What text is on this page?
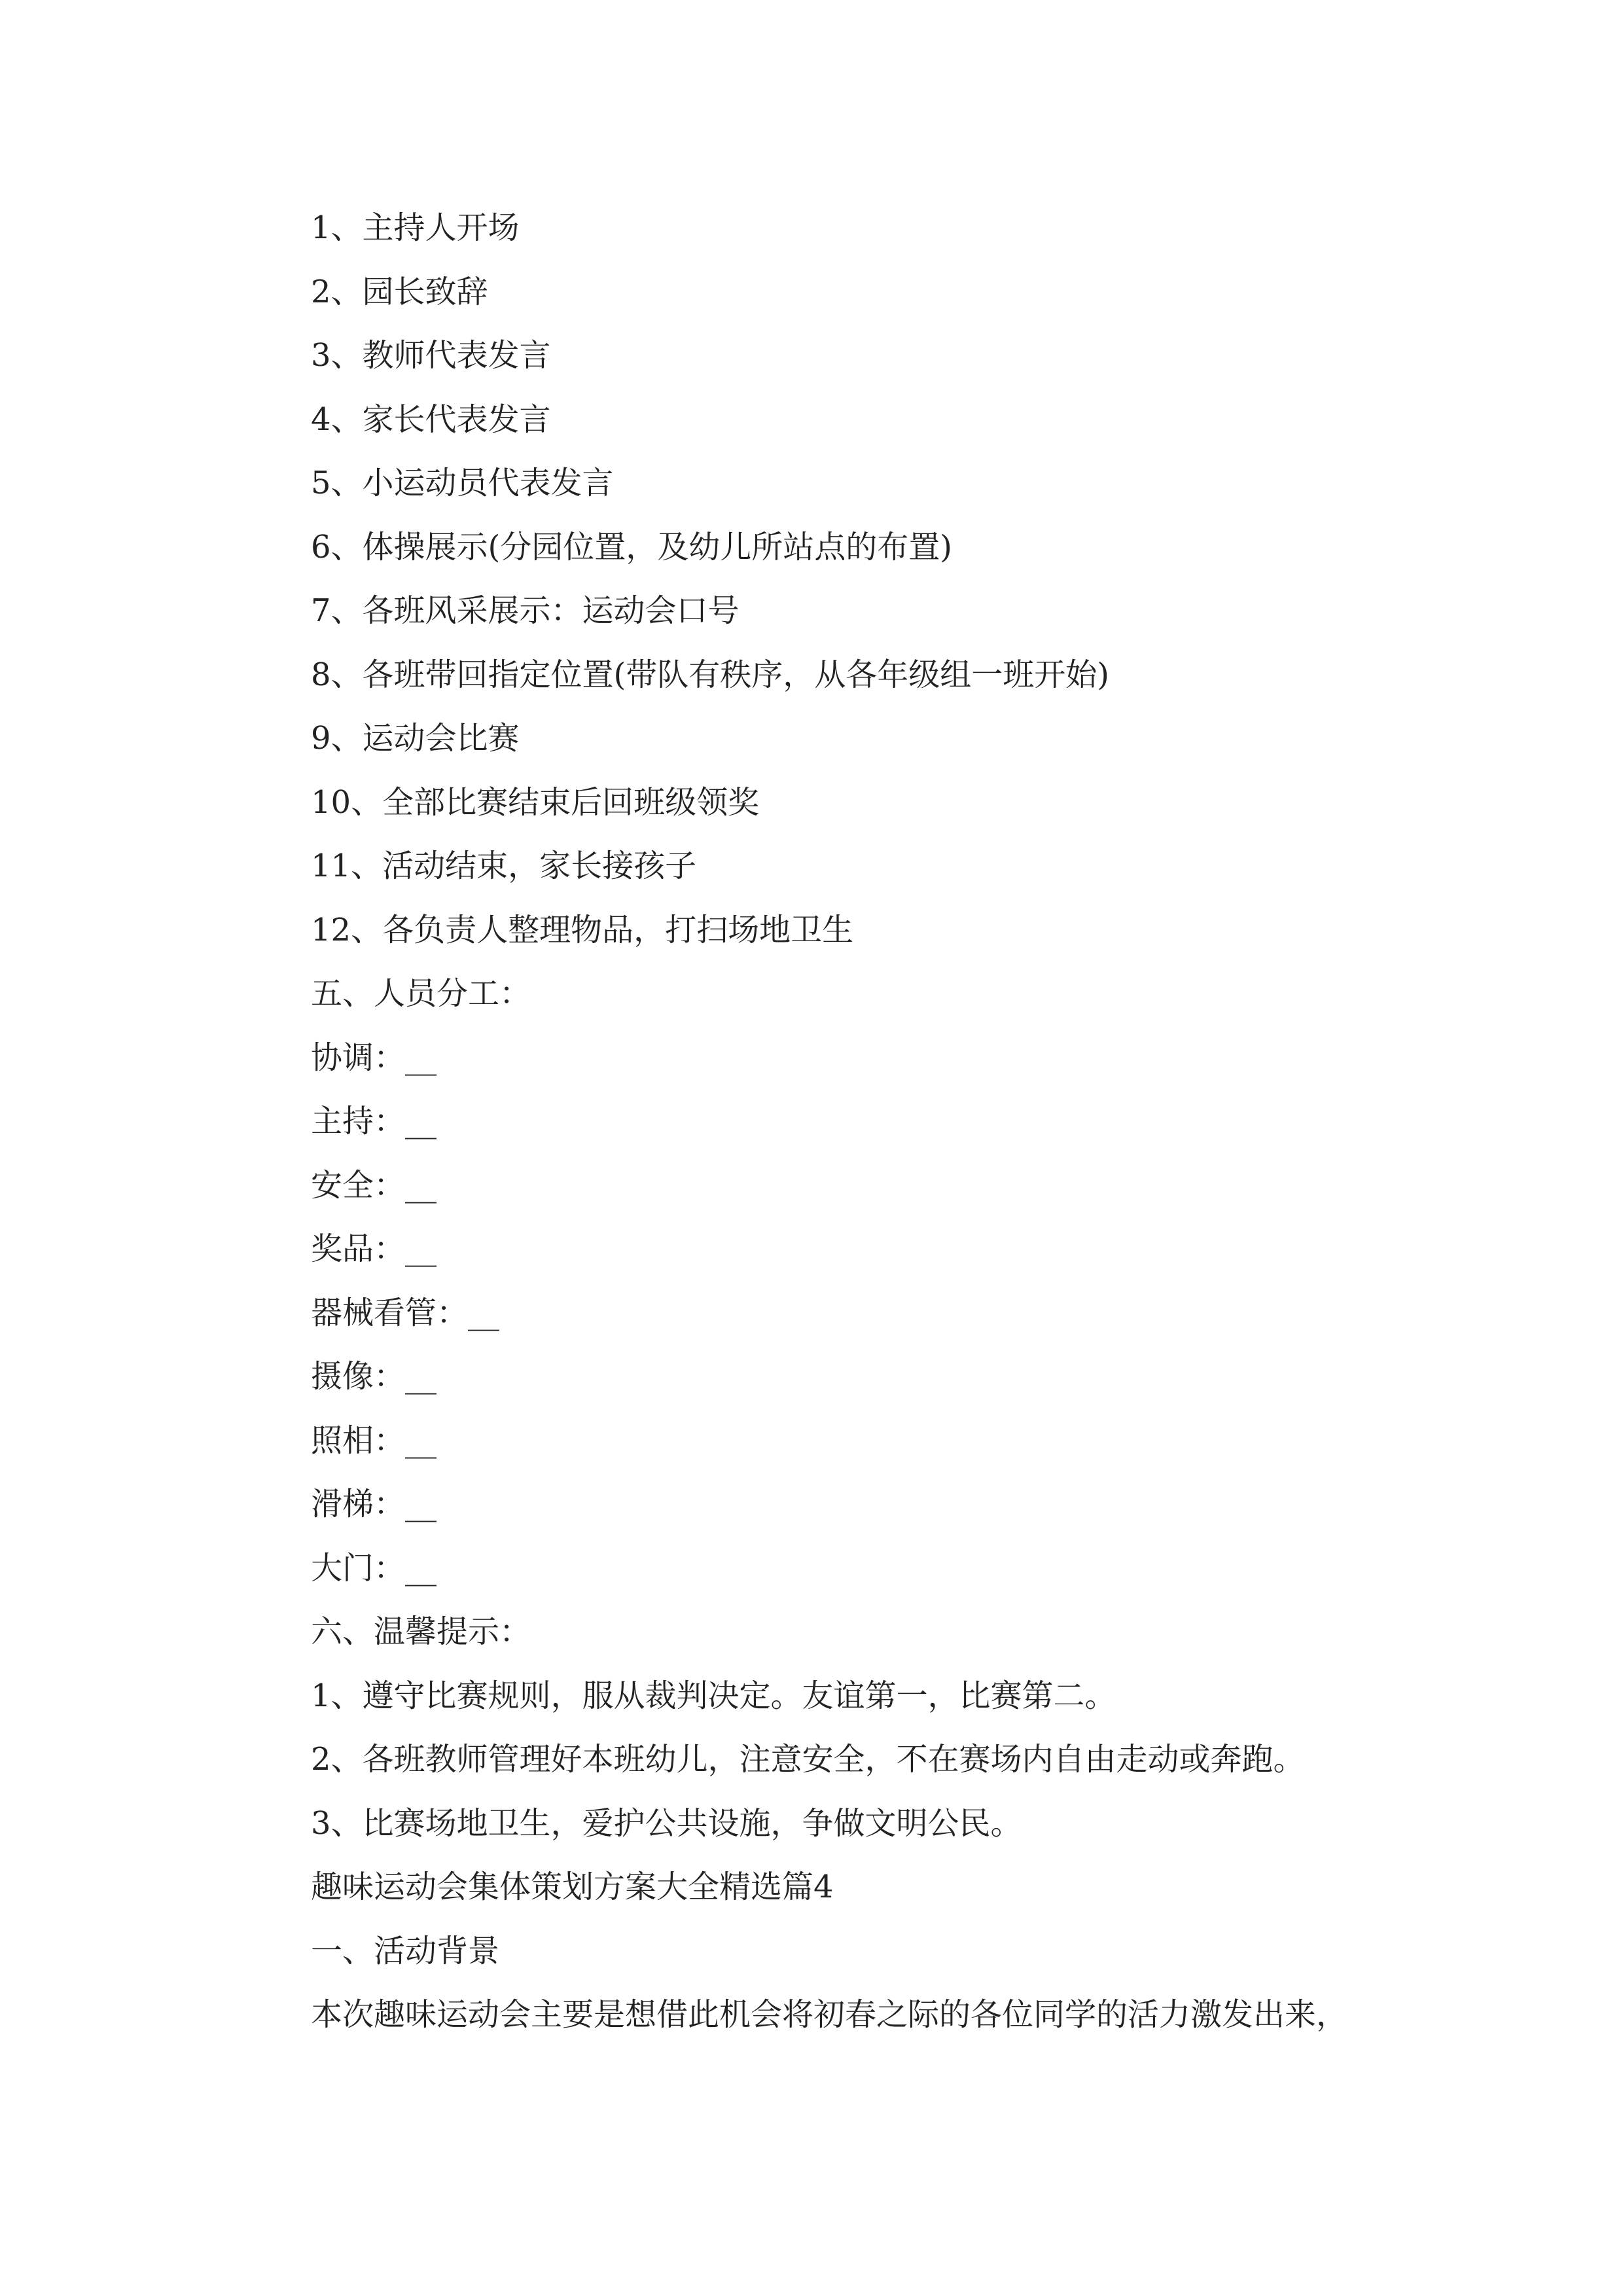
1、主持人开场
2、园长致辞
3、教师代表发言
4、家长代表发言
5、小运动员代表发言
6、体操展示(分园位置，及幼儿所站点的布置)
7、各班风采展示：运动会口号
8、各班带回指定位置(带队有秩序，从各年级组一班开始)
9、运动会比赛
10、全部比赛结束后回班级领奖
11、活动结束，家长接孩子
12、各负责人整理物品，打扫场地卫生
五、人员分工：
协调：__
主持：__
安全：__
奖品：__
器械看管：__
摄像：__
照相：__
滑梯：__
大门：__
六、温馨提示：
1、遵守比赛规则，服从裁判决定。友谊第一，比赛第二。
2、各班教师管理好本班幼儿，注意安全，不在赛场内自由走动或奔跑。
3、比赛场地卫生，爱护公共设施，争做文明公民。
趣味运动会集体策划方案大全精选篇4
一、活动背景
本次趣味运动会主要是想借此机会将初春之际的各位同学的活力激发出来，
